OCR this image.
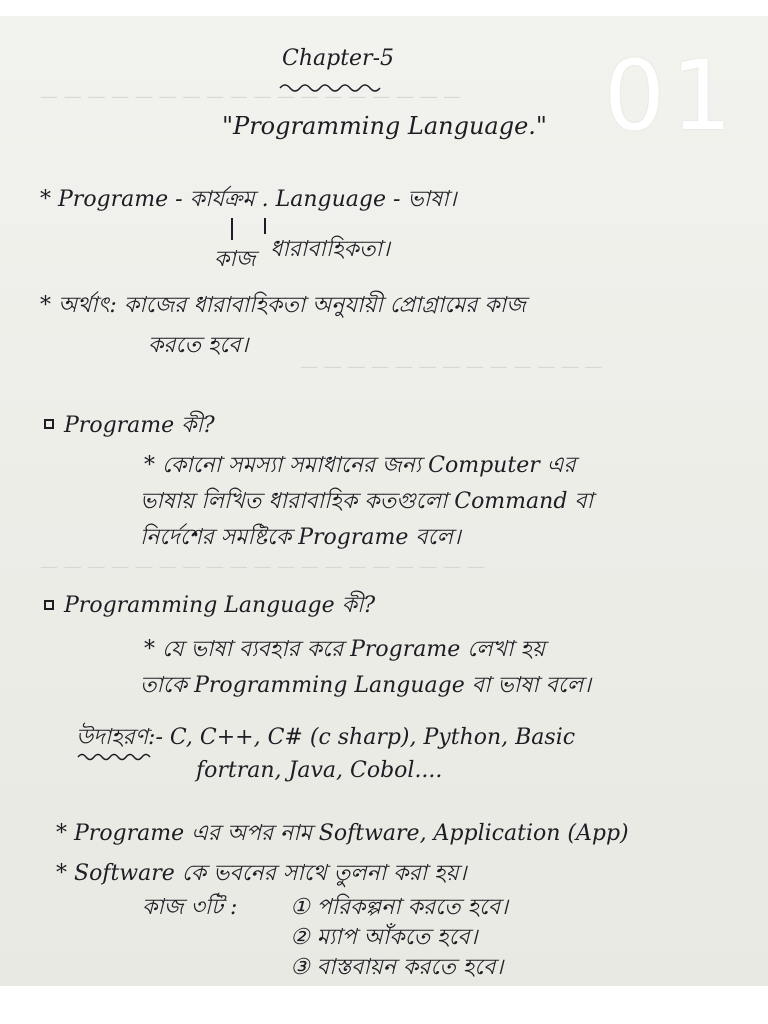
— — — — — — — — — — — — — — — — — —
— — — — — — — — — — — — —
— — — — — — — — — — — — — — — — — — —
01
Chapter-5
"Programming Language."
* Programe - কার্যক্রম . Language - ভাষা।
কাজ ধারাবাহিকতা।
* অর্থাৎ: কাজের ধারাবাহিকতা অনুযায়ী প্রোগ্রামের কাজ
করতে হবে।
Programe কী?
* কোনো সমস্যা সমাধানের জন্য Computer এর
ভাষায় লিখিত ধারাবাহিক কতগুলো Command বা
নির্দেশের সমষ্টিকে Programe বলে।
Programming Language কী?
* যে ভাষা ব্যবহার করে Programe লেখা হয়
তাকে Programming Language বা ভাষা বলে।
উদাহরণ:- C, C++, C# (c sharp), Python, Basic
fortran, Java, Cobol....
* Programe এর অপর নাম Software, Application (App)
* Software কে ভবনের সাথে তুলনা করা হয়।
কাজ ৩টি : ① পরিকল্পনা করতে হবে।
② ম্যাপ আঁকতে হবে।
③ বাস্তবায়ন করতে হবে।
